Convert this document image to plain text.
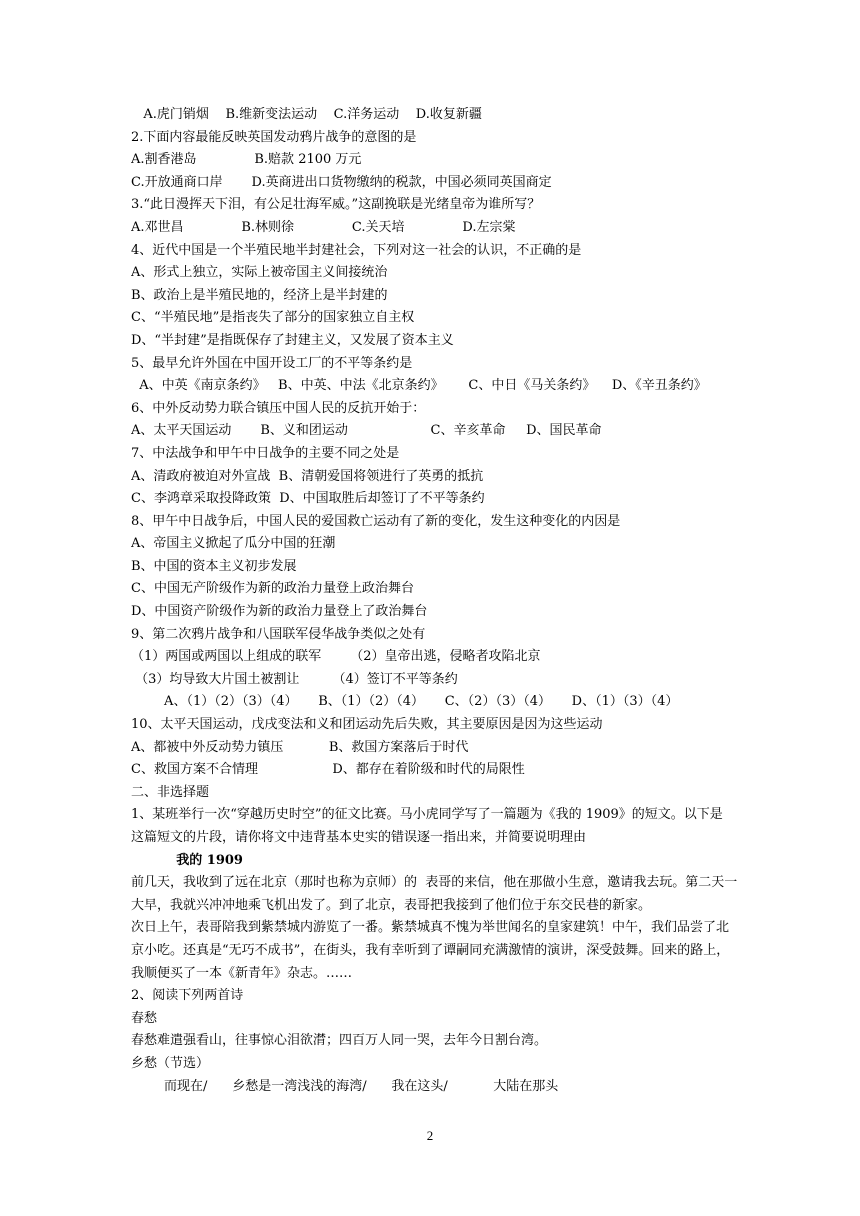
A.虎门销烟    B.维新变法运动    C.洋务运动    D.收复新疆
2.下面内容最能反映英国发动鸦片战争的意图的是
A.割香港岛              B.赔款 2100 万元
C.开放通商口岸       D.英商进出口货物缴纳的税款，中国必须同英国商定
3.“此日漫挥天下泪，有公足壮海军威。”这副挽联是光绪皇帝为谁所写？
A.邓世昌              B.林则徐              C.关天培              D.左宗棠
4、近代中国是一个半殖民地半封建社会，下列对这一社会的认识，不正确的是
A、形式上独立，实际上被帝国主义间接统治
B、政治上是半殖民地的，经济上是半封建的
C、“半殖民地”是指丧失了部分的国家独立自主权
D、“半封建”是指既保存了封建主义，又发展了资本主义
5、最早允许外国在中国开设工厂的不平等条约是
A、中英《南京条约》   B、中英、中法《北京条约》      C、中日《马关条约》    D、《辛丑条约》
6、中外反动势力联合镇压中国人民的反抗开始于：
A、太平天国运动       B、义和团运动                    C、辛亥革命     D、国民革命
7、中法战争和甲午中日战争的主要不同之处是
A、清政府被迫对外宣战  B、清朝爱国将领进行了英勇的抵抗
C、李鸿章采取投降政策  D、中国取胜后却签订了不平等条约
8、甲午中日战争后，中国人民的爱国救亡运动有了新的变化，发生这种变化的内因是
A、帝国主义掀起了瓜分中国的狂潮
B、中国的资本主义初步发展
C、中国无产阶级作为新的政治力量登上政治舞台
D、中国资产阶级作为新的政治力量登上了政治舞台
9、第二次鸦片战争和八国联军侵华战争类似之处有
（1）两国或两国以上组成的联军       （2）皇帝出逃，侵略者攻陷北京
（3）均导致大片国土被割让        （4）签订不平等条约
A、（1）（2）（3）（4）     B、（1）（2）（4）     C、（2）（3）（4）     D、（1）（3）（4）
10、太平天国运动，戊戌变法和义和团运动先后失败，其主要原因是因为这些运动
A、都被中外反动势力镇压           B、救国方案落后于时代
C、救国方案不合情理                  D、都存在着阶级和时代的局限性
二、非选择题
1、某班举行一次“穿越历史时空”的征文比赛。马小虎同学写了一篇题为《我的 1909》的短文。以下是
这篇短文的片段，请你将文中违背基本史实的错误逐一指出来，并简要说明理由
我的 1909
前几天，我收到了远在北京（那时也称为京师）的  表哥的来信，他在那做小生意，邀请我去玩。第二天一
大早，我就兴冲冲地乘飞机出发了。到了北京，表哥把我接到了他们位于东交民巷的新家。
次日上午，表哥陪我到紫禁城内游览了一番。紫禁城真不愧为举世闻名的皇家建筑！中午，我们品尝了北
京小吃。还真是“无巧不成书”，在街头，我有幸听到了谭嗣同充满激情的演讲，深受鼓舞。回来的路上，
我顺便买了一本《新青年》杂志。……
2、阅读下列两首诗
春愁
春愁难遣强看山，往事惊心泪欲潸；四百万人同一哭，去年今日割台湾。
乡愁（节选）
而现在/      乡愁是一湾浅浅的海湾/      我在这头/           大陆在那头
2
